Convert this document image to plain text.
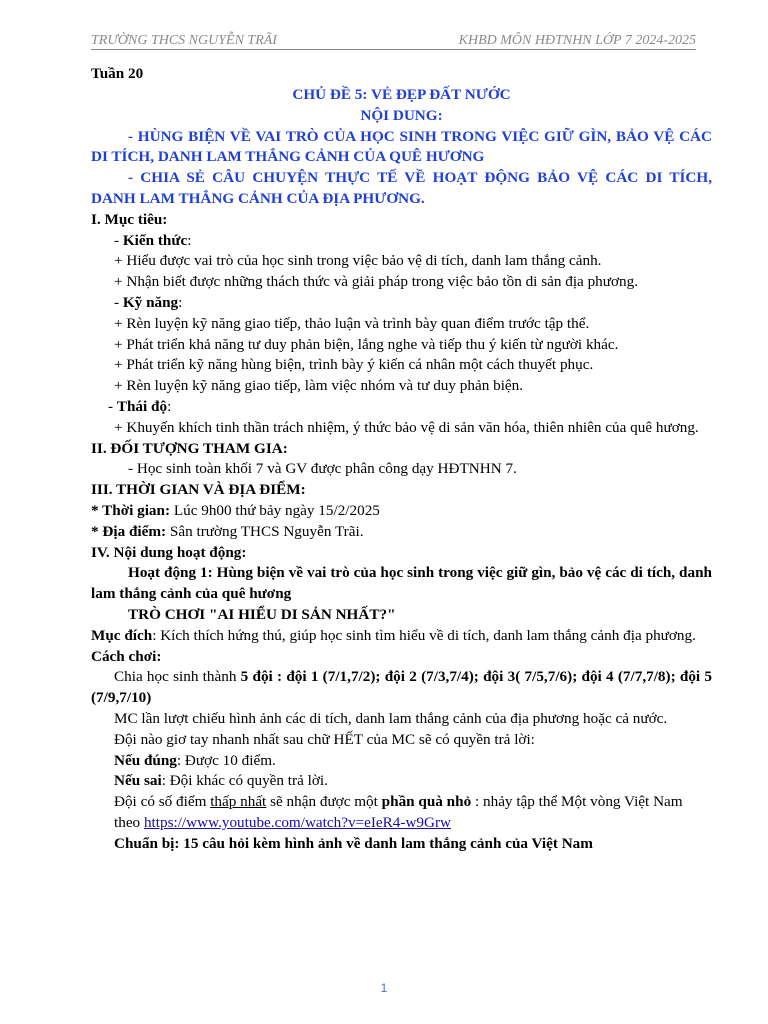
TRƯỜNG THCS NGUYỄN TRÃI	KHBD MÔN HĐTNHN LỚP 7 2024-2025

Tuần 20

CHỦ ĐỀ 5: VẺ ĐẸP ĐẤT NƯỚC

NỘI DUNG:

- HÙNG BIỆN VỀ VAI TRÒ CỦA HỌC SINH TRONG VIỆC GIỮ GÌN, BẢO VỆ CÁC DI TÍCH, DANH LAM THẮNG CẢNH CỦA QUÊ HƯƠNG

- CHIA SẺ CÂU CHUYỆN THỰC TẾ VỀ HOẠT ĐỘNG BẢO VỆ CÁC DI TÍCH, DANH LAM THẮNG CẢNH CỦA ĐỊA PHƯƠNG.

I. Mục tiêu:

- Kiến thức:

+ Hiểu được vai trò của học sinh trong việc bảo vệ di tích, danh lam thắng cảnh.

+ Nhận biết được những thách thức và giải pháp trong việc bảo tồn di sản địa phương.

- Kỹ năng:

+ Rèn luyện kỹ năng giao tiếp, thảo luận và trình bày quan điểm trước tập thể.

+ Phát triển khả năng tư duy phản biện, lắng nghe và tiếp thu ý kiến từ người khác.

+ Phát triển kỹ năng hùng biện, trình bày ý kiến cá nhân một cách thuyết phục.

+ Rèn luyện kỹ năng giao tiếp, làm việc nhóm và tư duy phản biện.

- Thái độ:

+ Khuyến khích tinh thần trách nhiệm, ý thức bảo vệ di sản văn hóa, thiên nhiên của quê hương.

II. ĐỐI TƯỢNG THAM GIA:

- Học sinh toàn khối 7 và GV được phân công dạy HĐTNHN 7.

III. THỜI GIAN VÀ ĐỊA ĐIỂM:

* Thời gian: Lúc 9h00 thứ bảy ngày 15/2/2025

* Địa điểm: Sân trường THCS Nguyễn Trãi.

IV. Nội dung hoạt động:

Hoạt động 1: Hùng biện về vai trò của học sinh trong việc giữ gìn, bảo vệ các di tích, danh lam thắng cảnh của quê hương

TRÒ CHƠI "AI HIỂU DI SẢN NHẤT?"

Mục đích: Kích thích hứng thú, giúp học sinh tìm hiểu về di tích, danh lam thắng cảnh địa phương.

Cách chơi:

Chia học sinh thành 5 đội : đội 1 (7/1,7/2); đội 2 (7/3,7/4); đội 3( 7/5,7/6); đội 4 (7/7,7/8); đội 5 (7/9,7/10)

MC lần lượt chiếu hình ảnh các di tích, danh lam thắng cảnh của địa phương hoặc cả nước.

Đội nào giơ tay nhanh nhất sau chữ HẾT của MC sẽ có quyền trả lời:

Nếu đúng: Được 10 điểm.

Nếu sai: Đội khác có quyền trả lời.

Đội có số điểm thấp nhất sẽ nhận được một phần quà nhỏ : nhảy tập thể Một vòng Việt Nam

theo https://www.youtube.com/watch?v=eIeR4-w9Grw

Chuẩn bị: 15 câu hỏi kèm hình ảnh về danh lam thắng cảnh của Việt Nam

1
